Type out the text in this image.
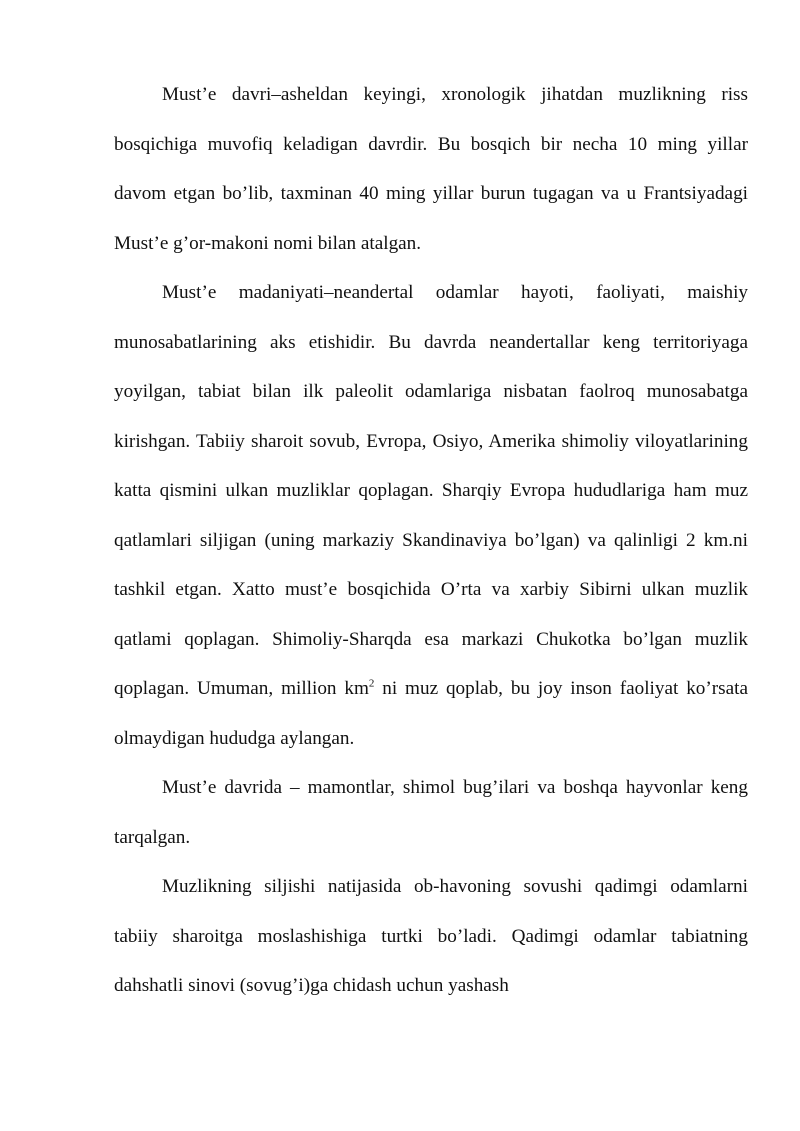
Must’e davri–asheldan keyingi, xronologik jihatdan muzlikning riss bosqichiga muvofiq keladigan davrdir. Bu bosqich bir necha 10 ming yillar davom etgan bo’lib, taxminan 40 ming yillar burun tugagan va u Frantsiyadagi Must’e g’or-makoni nomi bilan atalgan.

Must’e madaniyati–neandertal odamlar hayoti, faoliyati, maishiy munosabatlarining aks etishidir. Bu davrda neandertallar keng territoriyaga yoyilgan, tabiat bilan ilk paleolit odamlariga nisbatan faolroq munosabatga kirishgan. Tabiiy sharoit sovub, Evropa, Osiyo, Amerika shimoliy viloyatlarining katta qismini ulkan muzliklar qoplagan. Sharqiy Evropa hududlariga ham muz qatlamlari siljigan (uning markaziy Skandinaviya bo’lgan) va qalinligi 2 km.ni tashkil etgan. Xatto must’e bosqichida O’rta va xarbiy Sibirni ulkan muzlik qatlami qoplagan. Shimoliy-Sharqda esa markazi Chukotka bo’lgan muzlik qoplagan. Umuman, million $km^2$ ni muz qoplab, bu joy inson faoliyat ko’rsata olmaydigan hududga aylangan.

Must’e davrida – mamontlar, shimol bug’ilari va boshqa hayvonlar keng tarqalgan.

Muzlikning siljishi natijasida ob-havoning sovushi qadimgi odamlarni tabiiy sharoitga moslashishiga turtki bo’ladi. Qadimgi odamlar tabiatning dahshatli sinovi (sovug’i)ga chidash uchun yashash
